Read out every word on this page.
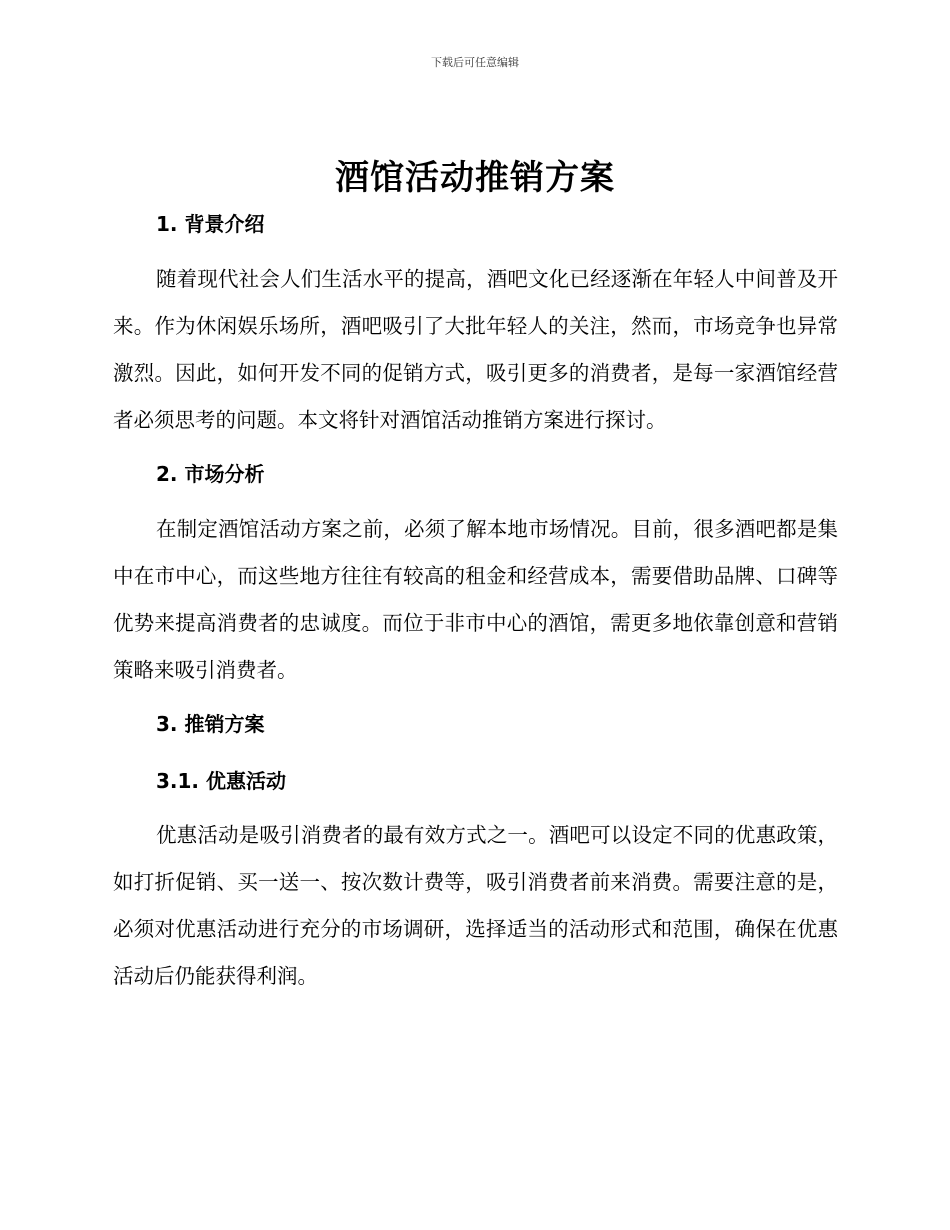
下载后可任意编辑
酒馆活动推销方案
1. 背景介绍

随着现代社会人们生活水平的提高，酒吧文化已经逐渐在年轻人中间普及开来。作为休闲娱乐场所，酒吧吸引了大批年轻人的关注，然而，市场竞争也异常激烈。因此，如何开发不同的促销方式，吸引更多的消费者，是每一家酒馆经营者必须思考的问题。本文将针对酒馆活动推销方案进行探讨。

2. 市场分析

在制定酒馆活动方案之前，必须了解本地市场情况。目前，很多酒吧都是集中在市中心，而这些地方往往有较高的租金和经营成本，需要借助品牌、口碑等优势来提高消费者的忠诚度。而位于非市中心的酒馆，需更多地依靠创意和营销策略来吸引消费者。

3. 推销方案
3.1. 优惠活动

优惠活动是吸引消费者的最有效方式之一。酒吧可以设定不同的优惠政策，如打折促销、买一送一、按次数计费等，吸引消费者前来消费。需要注意的是，必须对优惠活动进行充分的市场调研，选择适当的活动形式和范围，确保在优惠活动后仍能获得利润。
